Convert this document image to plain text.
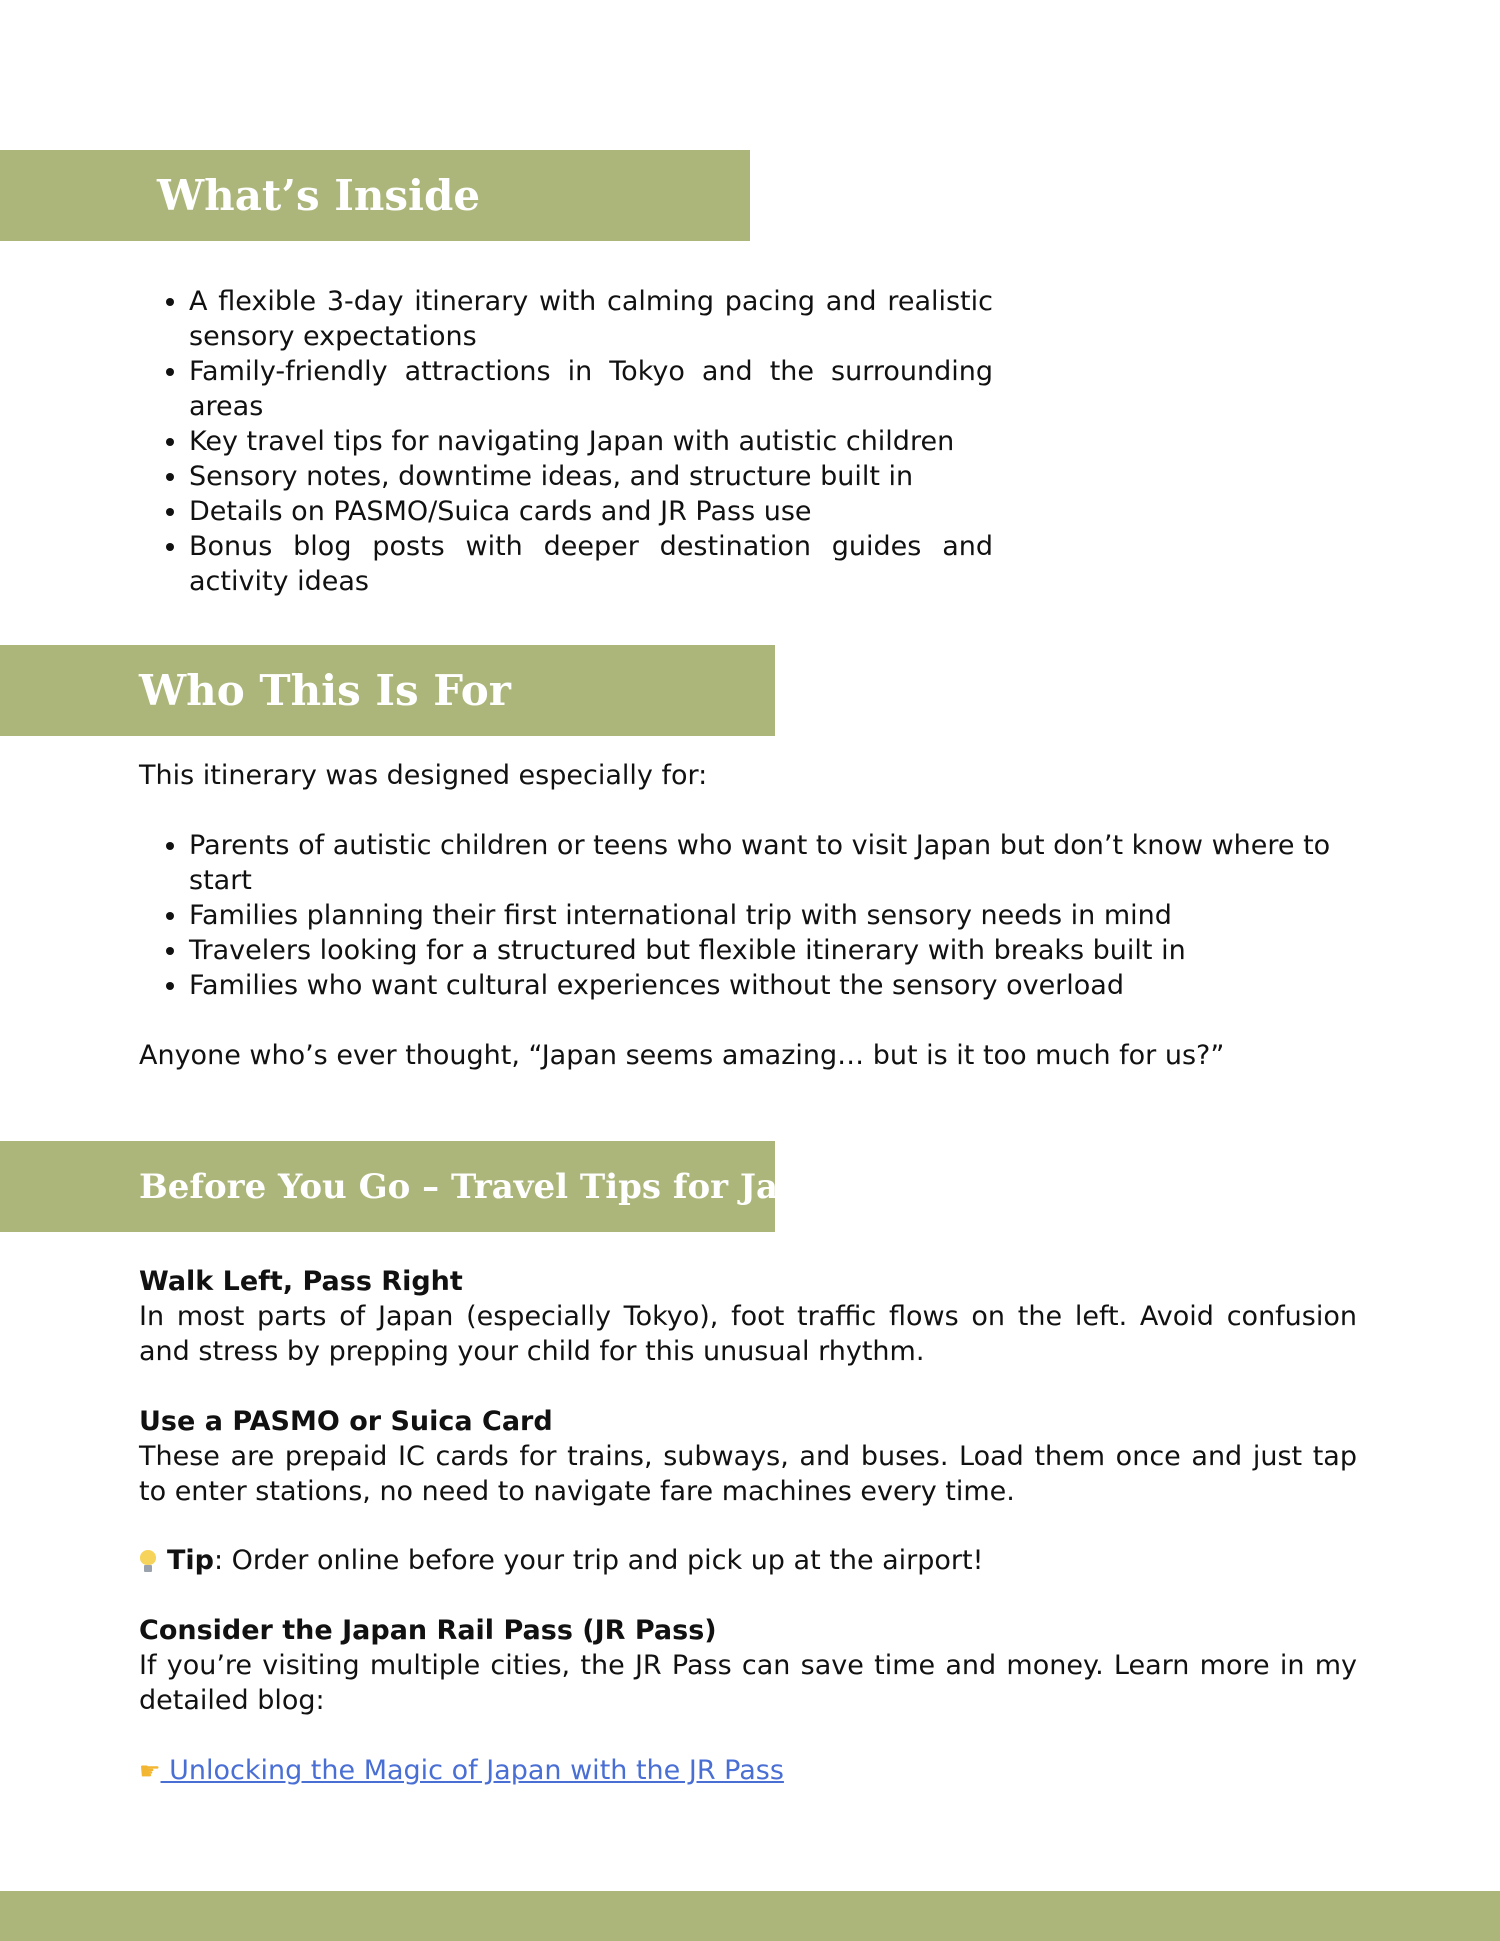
What’s Inside
• A flexible 3-day itinerary with calming pacing and realistic sensory expectations
• Family-friendly attractions in Tokyo and the surrounding areas
• Key travel tips for navigating Japan with autistic children
• Sensory notes, downtime ideas, and structure built in
• Details on PASMO/Suica cards and JR Pass use
• Bonus blog posts with deeper destination guides and activity ideas
Who This Is For

This itinerary was designed especially for:

• Parents of autistic children or teens who want to visit Japan but don’t know where to start
• Families planning their first international trip with sensory needs in mind
• Travelers looking for a structured but flexible itinerary with breaks built in
• Families who want cultural experiences without the sensory overload

Anyone who’s ever thought, “Japan seems amazing… but is it too much for us?”

Before You Go – Travel Tips for Japan

Walk Left, Pass Right
In most parts of Japan (especially Tokyo), foot traffic flows on the left. Avoid confusion and stress by prepping your child for this unusual rhythm.

Use a PASMO or Suica Card
These are prepaid IC cards for trains, subways, and buses. Load them once and just tap to enter stations, no need to navigate fare machines every time.

Tip: Order online before your trip and pick up at the airport!

Consider the Japan Rail Pass (JR Pass)
If you’re visiting multiple cities, the JR Pass can save time and money. Learn more in my detailed blog:

☛ Unlocking the Magic of Japan with the JR Pass
